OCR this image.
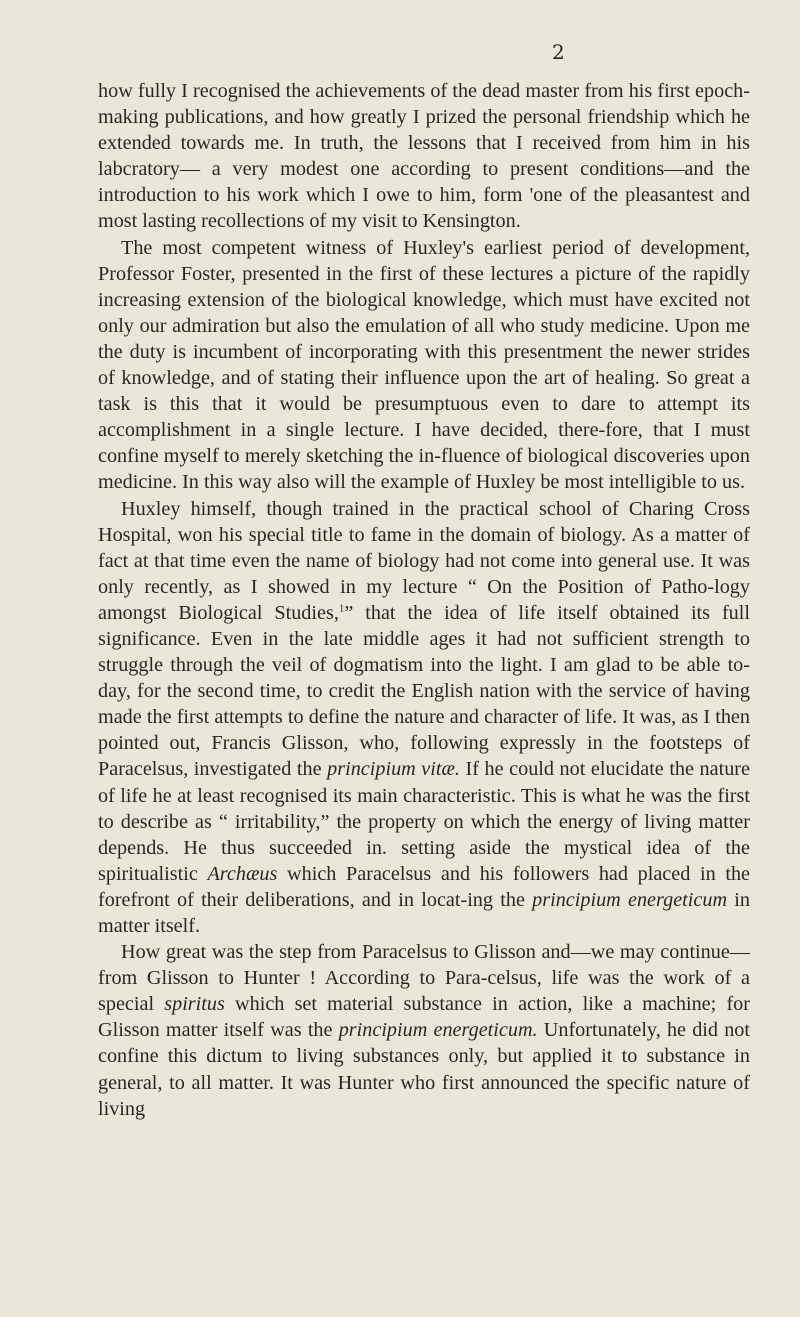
2

how fully I recognised the achievements of the dead master from his first epoch-making publications, and how greatly I prized the personal friendship which he extended towards me. In truth, the lessons that I received from him in his labcratory— a very modest one according to present conditions—and the introduction to his work which I owe to him, form 'one of the pleasantest and most lasting recollections of my visit to Kensington.

The most competent witness of Huxley's earliest period of development, Professor Foster, presented in the first of these lectures a picture of the rapidly increasing extension of the biological knowledge, which must have excited not only our admiration but also the emulation of all who study medicine. Upon me the duty is incumbent of incorporating with this presentment the newer strides of knowledge, and of stating their influence upon the art of healing. So great a task is this that it would be presumptuous even to dare to attempt its accomplishment in a single lecture. I have decided, there-fore, that I must confine myself to merely sketching the in-fluence of biological discoveries upon medicine. In this way also will the example of Huxley be most intelligible to us.

Huxley himself, though trained in the practical school of Charing Cross Hospital, won his special title to fame in the domain of biology. As a matter of fact at that time even the name of biology had not come into general use. It was only recently, as I showed in my lecture “ On the Position of Patho-logy amongst Biological Studies,$^1$” that the idea of life itself obtained its full significance. Even in the late middle ages it had not sufficient strength to struggle through the veil of dogmatism into the light. I am glad to be able to-day, for the second time, to credit the English nation with the service of having made the first attempts to define the nature and character of life. It was, as I then pointed out, Francis Glisson, who, following expressly in the footsteps of Paracelsus, investigated the principium vitæ. If he could not elucidate the nature of life he at least recognised its main characteristic. This is what he was the first to describe as “ irritability,” the property on which the energy of living matter depends. He thus succeeded in. setting aside the mystical idea of the spiritualistic Archæus which Paracelsus and his followers had placed in the forefront of their deliberations, and in locat-ing the principium energeticum in matter itself.

How great was the step from Paracelsus to Glisson and—we may continue—from Glisson to Hunter ! According to Para-celsus, life was the work of a special spiritus which set material substance in action, like a machine; for Glisson matter itself was the principium energeticum. Unfortunately, he did not confine this dictum to living substances only, but applied it to substance in general, to all matter. It was Hunter who first announced the specific nature of living
